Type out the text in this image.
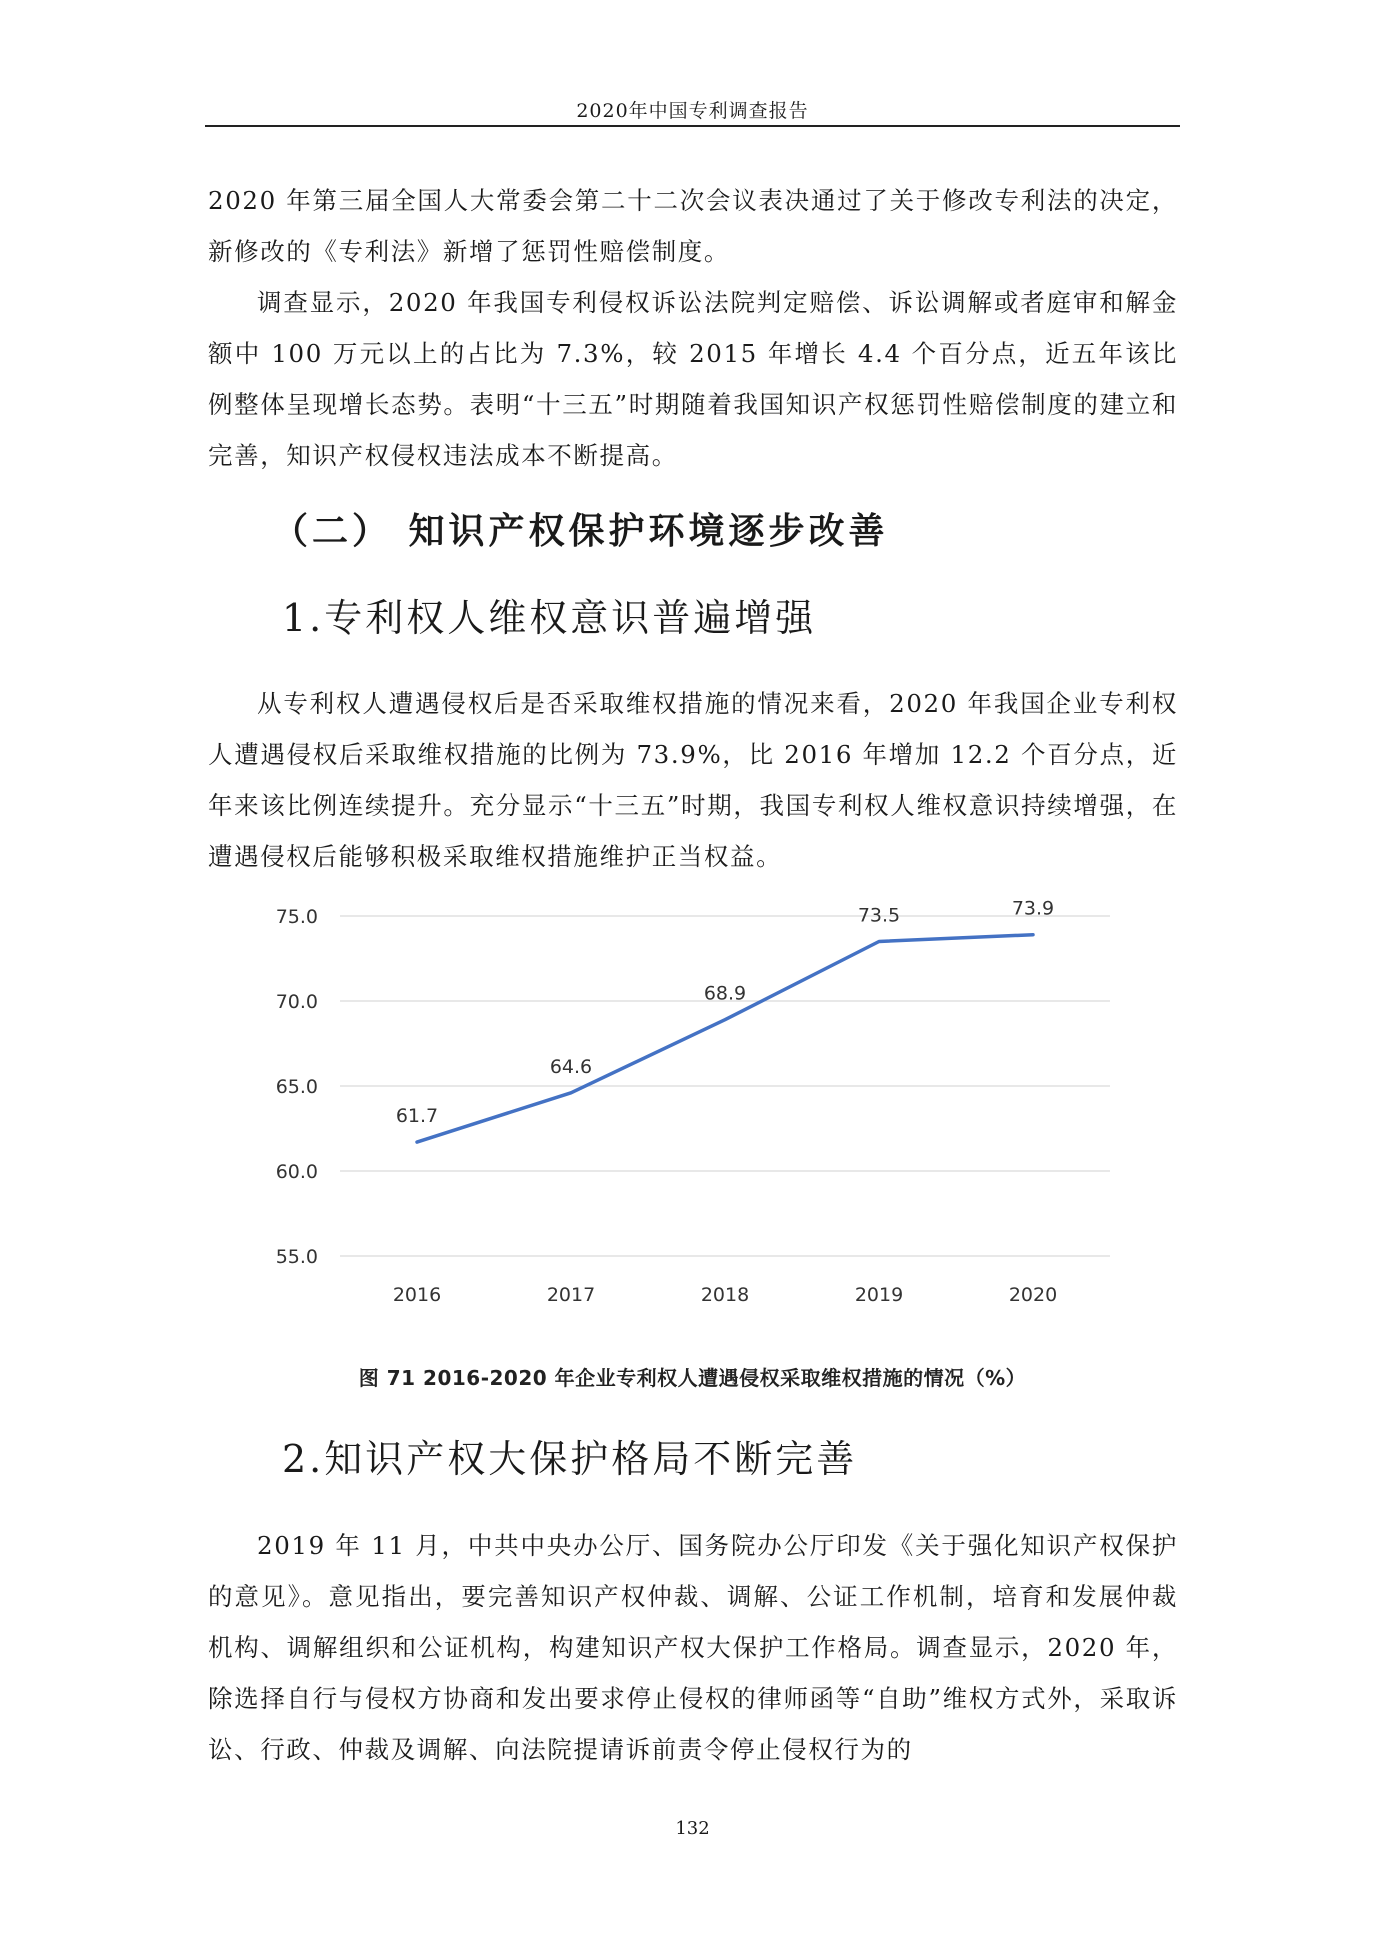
2020年中国专利调查报告

2020 年第三届全国人大常委会第二十二次会议表决通过了关于修改专利法的决定，新修改的《专利法》新增了惩罚性赔偿制度。

调查显示，2020 年我国专利侵权诉讼法院判定赔偿、诉讼调解或者庭审和解金额中 100 万元以上的占比为 7.3%，较 2015 年增长 4.4 个百分点，近五年该比例整体呈现增长态势。表明“十三五”时期随着我国知识产权惩罚性赔偿制度的建立和完善，知识产权侵权违法成本不断提高。

（二） 知识产权保护环境逐步改善
1.专利权人维权意识普遍增强

从专利权人遭遇侵权后是否采取维权措施的情况来看，2020 年我国企业专利权人遭遇侵权后采取维权措施的比例为 73.9%，比 2016 年增加 12.2 个百分点，近年来该比例连续提升。充分显示“十三五”时期，我国专利权人维权意识持续增强，在遭遇侵权后能够积极采取维权措施维护正当权益。

55.0
60.0
65.0
70.0
75.0
2016	2017	2018	2019	2020
61.7
64.6
68.9
73.5	73.9
图 71 2016-2020 年企业专利权人遭遇侵权采取维权措施的情况（%）
2.知识产权大保护格局不断完善

2019 年 11 月，中共中央办公厅、国务院办公厅印发《关于强化知识产权保护的意见》。意见指出，要完善知识产权仲裁、调解、公证工作机制，培育和发展仲裁机构、调解组织和公证机构，构建知识产权大保护工作格局。调查显示，2020 年，除选择自行与侵权方协商和发出要求停止侵权的律师函等“自助”维权方式外，采取诉讼、行政、仲裁及调解、向法院提请诉前责令停止侵权行为的

132
